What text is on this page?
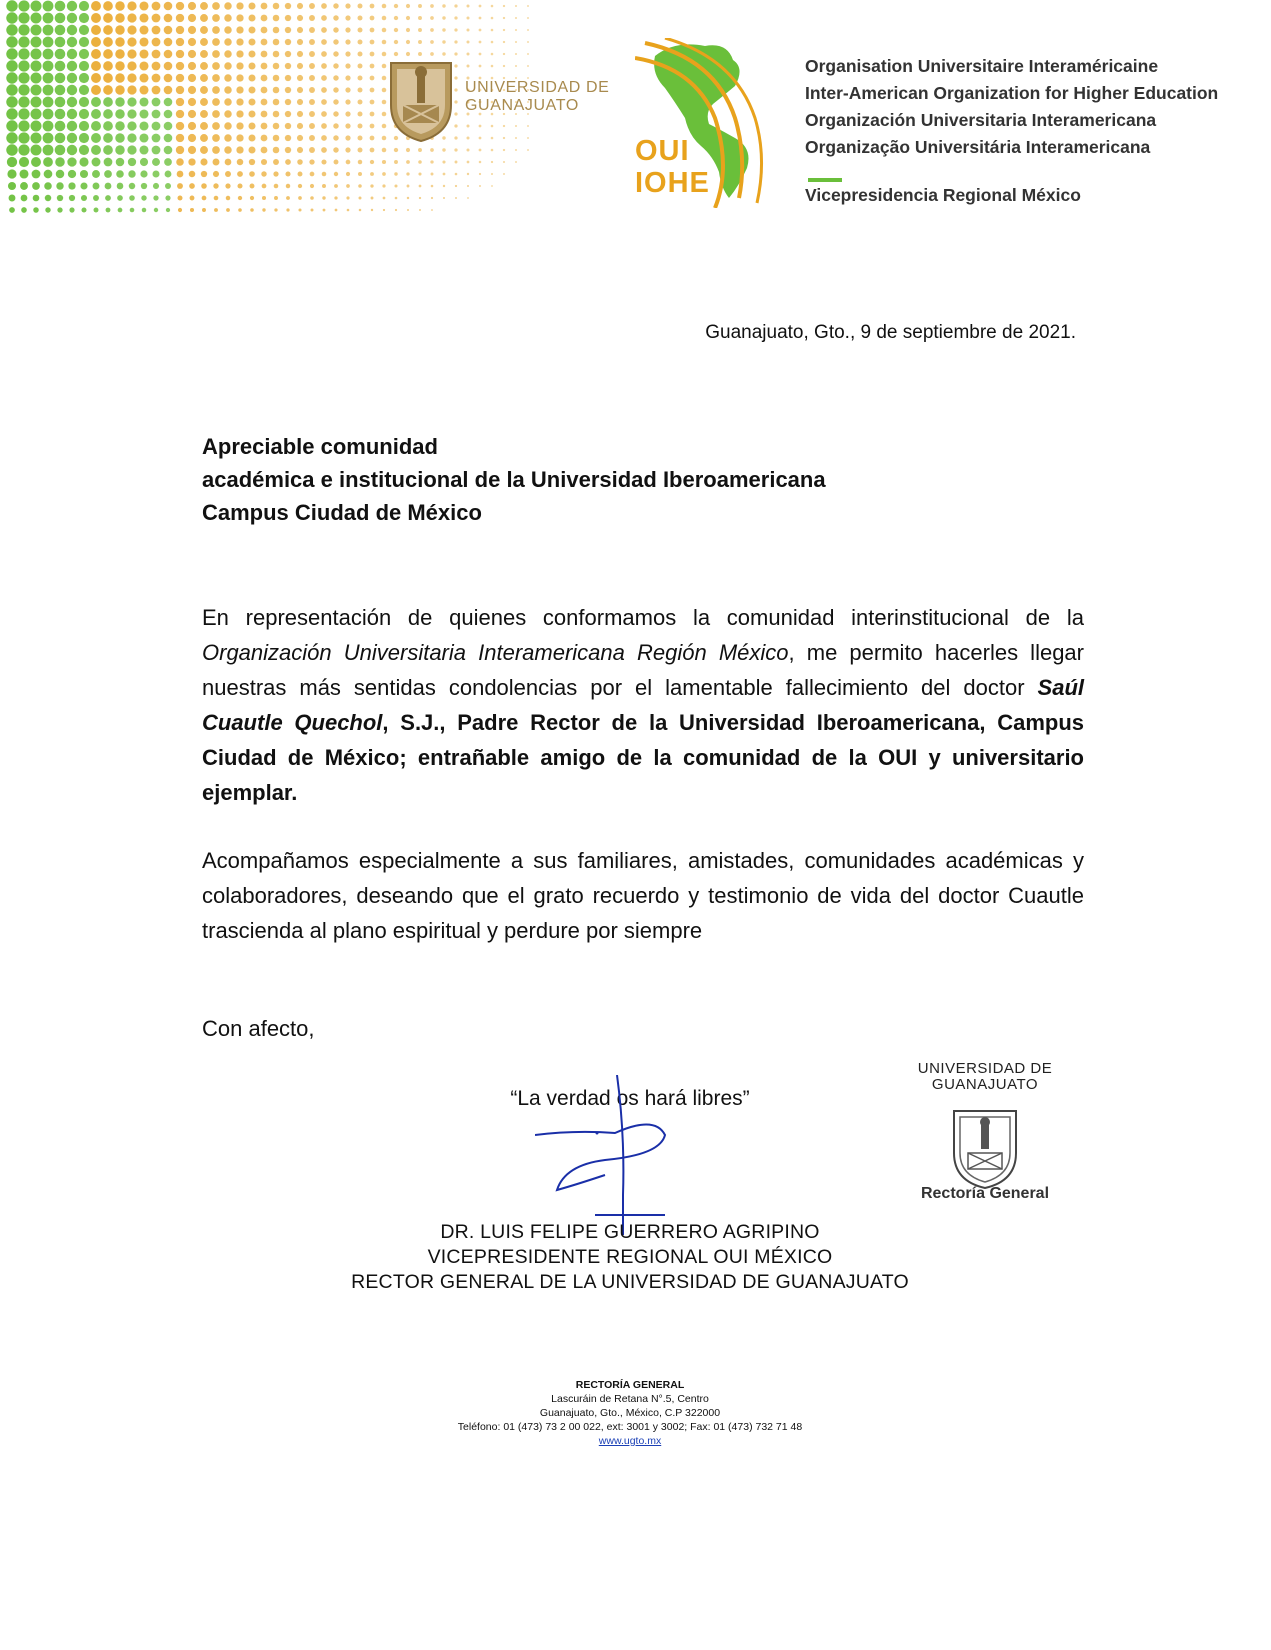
UNIVERSIDAD DE
GUANAJUATO
OUI
IOHE
Organisation Universitaire Interaméricaine
Inter-American Organization for Higher Education
Organización Universitaria Interamericana
Organização Universitária Interamericana
Vicepresidencia Regional México
Guanajuato, Gto., 9 de septiembre de 2021.
Apreciable comunidad
académica e institucional de la Universidad Iberoamericana
Campus Ciudad de México
En representación de quienes conformamos la comunidad interinstitucional de la Organización Universitaria Interamericana Región México, me permito hacerles llegar nuestras más sentidas condolencias por el lamentable fallecimiento del doctor Saúl Cuautle Quechol, S.J., Padre Rector de la Universidad Iberoamericana, Campus Ciudad de México; entrañable amigo de la comunidad de la OUI y universitario ejemplar.
Acompañamos especialmente a sus familiares, amistades, comunidades académicas y colaboradores, deseando que el grato recuerdo y testimonio de vida del doctor Cuautle trascienda al plano espiritual y perdure por siempre
Con afecto,
“La verdad os hará libres”
DR. LUIS FELIPE GUERRERO AGRIPINO
VICEPRESIDENTE REGIONAL OUI MÉXICO
RECTOR GENERAL DE LA UNIVERSIDAD DE GUANAJUATO
UNIVERSIDAD DE
GUANAJUATO
Rectoría General
RECTORÍA GENERAL
Lascuráin de Retana N°.5, Centro
Guanajuato, Gto., México, C.P 322000
Teléfono: 01 (473) 73 2 00 022, ext: 3001 y 3002; Fax: 01 (473) 732 71 48
www.ugto.mx
